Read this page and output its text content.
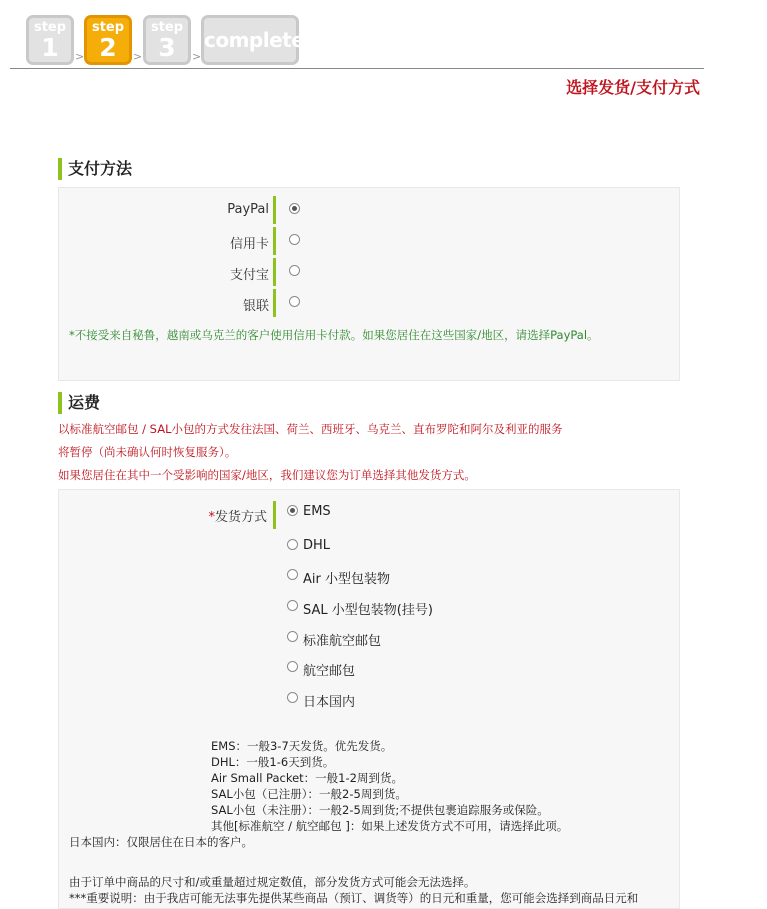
step
1	>
step
2	>
step
3	>
complete
选择发货/支付方式
支付方法
PayPal
信用卡
支付宝
银联
*不接受来自秘鲁，越南或乌克兰的客户使用信用卡付款。如果您居住在这些国家/地区，请选择PayPal。
运费
以标准航空邮包 / SAL小包的方式发往法国、荷兰、西班牙、乌克兰、直布罗陀和阿尔及利亚的服务
将暂停（尚未确认何时恢复服务）。
如果您居住在其中一个受影响的国家/地区，我们建议您为订单选择其他发货方式。
*发货方式	EMS
DHL
Air 小型包装物
SAL 小型包装物(挂号)
标准航空邮包
航空邮包
日本国内
EMS：一般3-7天发货。优先发货。
DHL：一般1-6天到货。
Air Small Packet：一般1-2周到货。
SAL小包（已注册）：一般2-5周到货。
SAL小包（未注册）：一般2-5周到货;不提供包裹追踪服务或保险。
其他[标准航空 / 航空邮包 ]：如果上述发货方式不可用，请选择此项。
日本国内：仅限居住在日本的客户。
由于订单中商品的尺寸和/或重量超过规定数值，部分发货方式可能会无法选择。
***重要说明：由于我店可能无法事先提供某些商品（预订、调货等）的日元和重量，您可能会选择到商品日元和
